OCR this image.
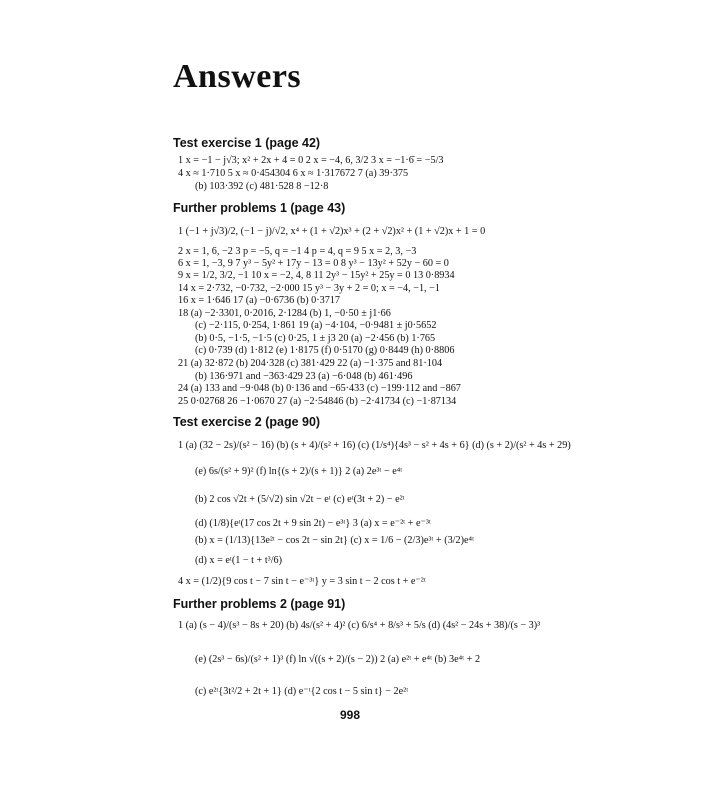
Answers
Test exercise 1 (page 42)
1 x = −1 − j√3; x² + 2x + 4 = 0 2 x = −4, 6, 3/2 3 x = −1·6̇ = −5/3
4 x ≈ 1·710 5 x ≈ 0·454304 6 x ≈ 1·317672 7 (a) 39·375
(b) 103·392 (c) 481·528 8 −12·8
Further problems 1 (page 43)
1 (−1 + j√3)/2, (−1 − j)/√2, x⁴ + (1 + √2)x³ + (2 + √2)x² + (1 + √2)x + 1 = 0
2 x = 1, 6, −2 3 p = −5, q = −1 4 p = 4, q = 9 5 x = 2, 3, −3
6 x = 1, −3, 9 7 y³ − 5y² + 17y − 13 = 0 8 y³ − 13y² + 52y − 60 = 0
9 x = 1/2, 3/2, −1 10 x = −2, 4, 8 11 2y³ − 15y² + 25y = 0 13 0·8934
14 x = 2·732, −0·732, −2·000 15 y³ − 3y + 2 = 0; x = −4, −1, −1
16 x = 1·646 17 (a) −0·6736 (b) 0·3717
18 (a) −2·3301, 0·2016, 2·1284 (b) 1, −0·50 ± j1·66
(c) −2·115, 0·254, 1·861 19 (a) −4·104, −0·9481 ± j0·5652
(b) 0·5, −1·5, −1·5 (c) 0·25, 1 ± j3 20 (a) −2·456 (b) 1·765
(c) 0·739 (d) 1·812 (e) 1·8175 (f) 0·5170 (g) 0·8449 (h) 0·8806
21 (a) 32·872 (b) 204·328 (c) 381·429 22 (a) −1·375 and 81·104
(b) 136·971 and −363·429 23 (a) −6·048 (b) 461·496
24 (a) 133 and −9·048 (b) 0·136 and −65·433 (c) −199·112 and −867
25 0·02768 26 −1·0670 27 (a) −2·54846 (b) −2·41734 (c) −1·87134
Test exercise 2 (page 90)
1 (a) (32 − 2s)/(s² − 16) (b) (s + 4)/(s² + 16) (c) (1/s⁴){4s³ − s² + 4s + 6} (d) (s + 2)/(s² + 4s + 29)
(e) 6s/(s² + 9)² (f) ln{(s + 2)/(s + 1)} 2 (a) 2e³ᵗ − e⁴ᵗ
(b) 2 cos √2t + (5/√2) sin √2t − eᵗ (c) eᵗ(3t + 2) − e²ᵗ
(d) (1/8){eᵗ(17 cos 2t + 9 sin 2t) − e³ᵗ} 3 (a) x = e⁻²ᵗ + e⁻³ᵗ
(b) x = (1/13){13e²ᵗ − cos 2t − sin 2t} (c) x = 1/6 − (2/3)e³ᵗ + (3/2)e⁴ᵗ
(d) x = eᵗ(1 − t + t³/6)
4 x = (1/2){9 cos t − 7 sin t − e⁻³ᵗ} y = 3 sin t − 2 cos t + e⁻²ᵗ
Further problems 2 (page 91)
1 (a) (s − 4)/(s³ − 8s + 20) (b) 4s/(s² + 4)² (c) 6/s⁴ + 8/s³ + 5/s (d) (4s² − 24s + 38)/(s − 3)³
(e) (2s³ − 6s)/(s² + 1)³ (f) ln √((s + 2)/(s − 2)) 2 (a) e²ᵗ + e⁴ᵗ (b) 3e⁴ᵗ + 2
(c) e²ᵗ{3t²/2 + 2t + 1} (d) e⁻ᵗ{2 cos t − 5 sin t} − 2e²ᵗ
998
